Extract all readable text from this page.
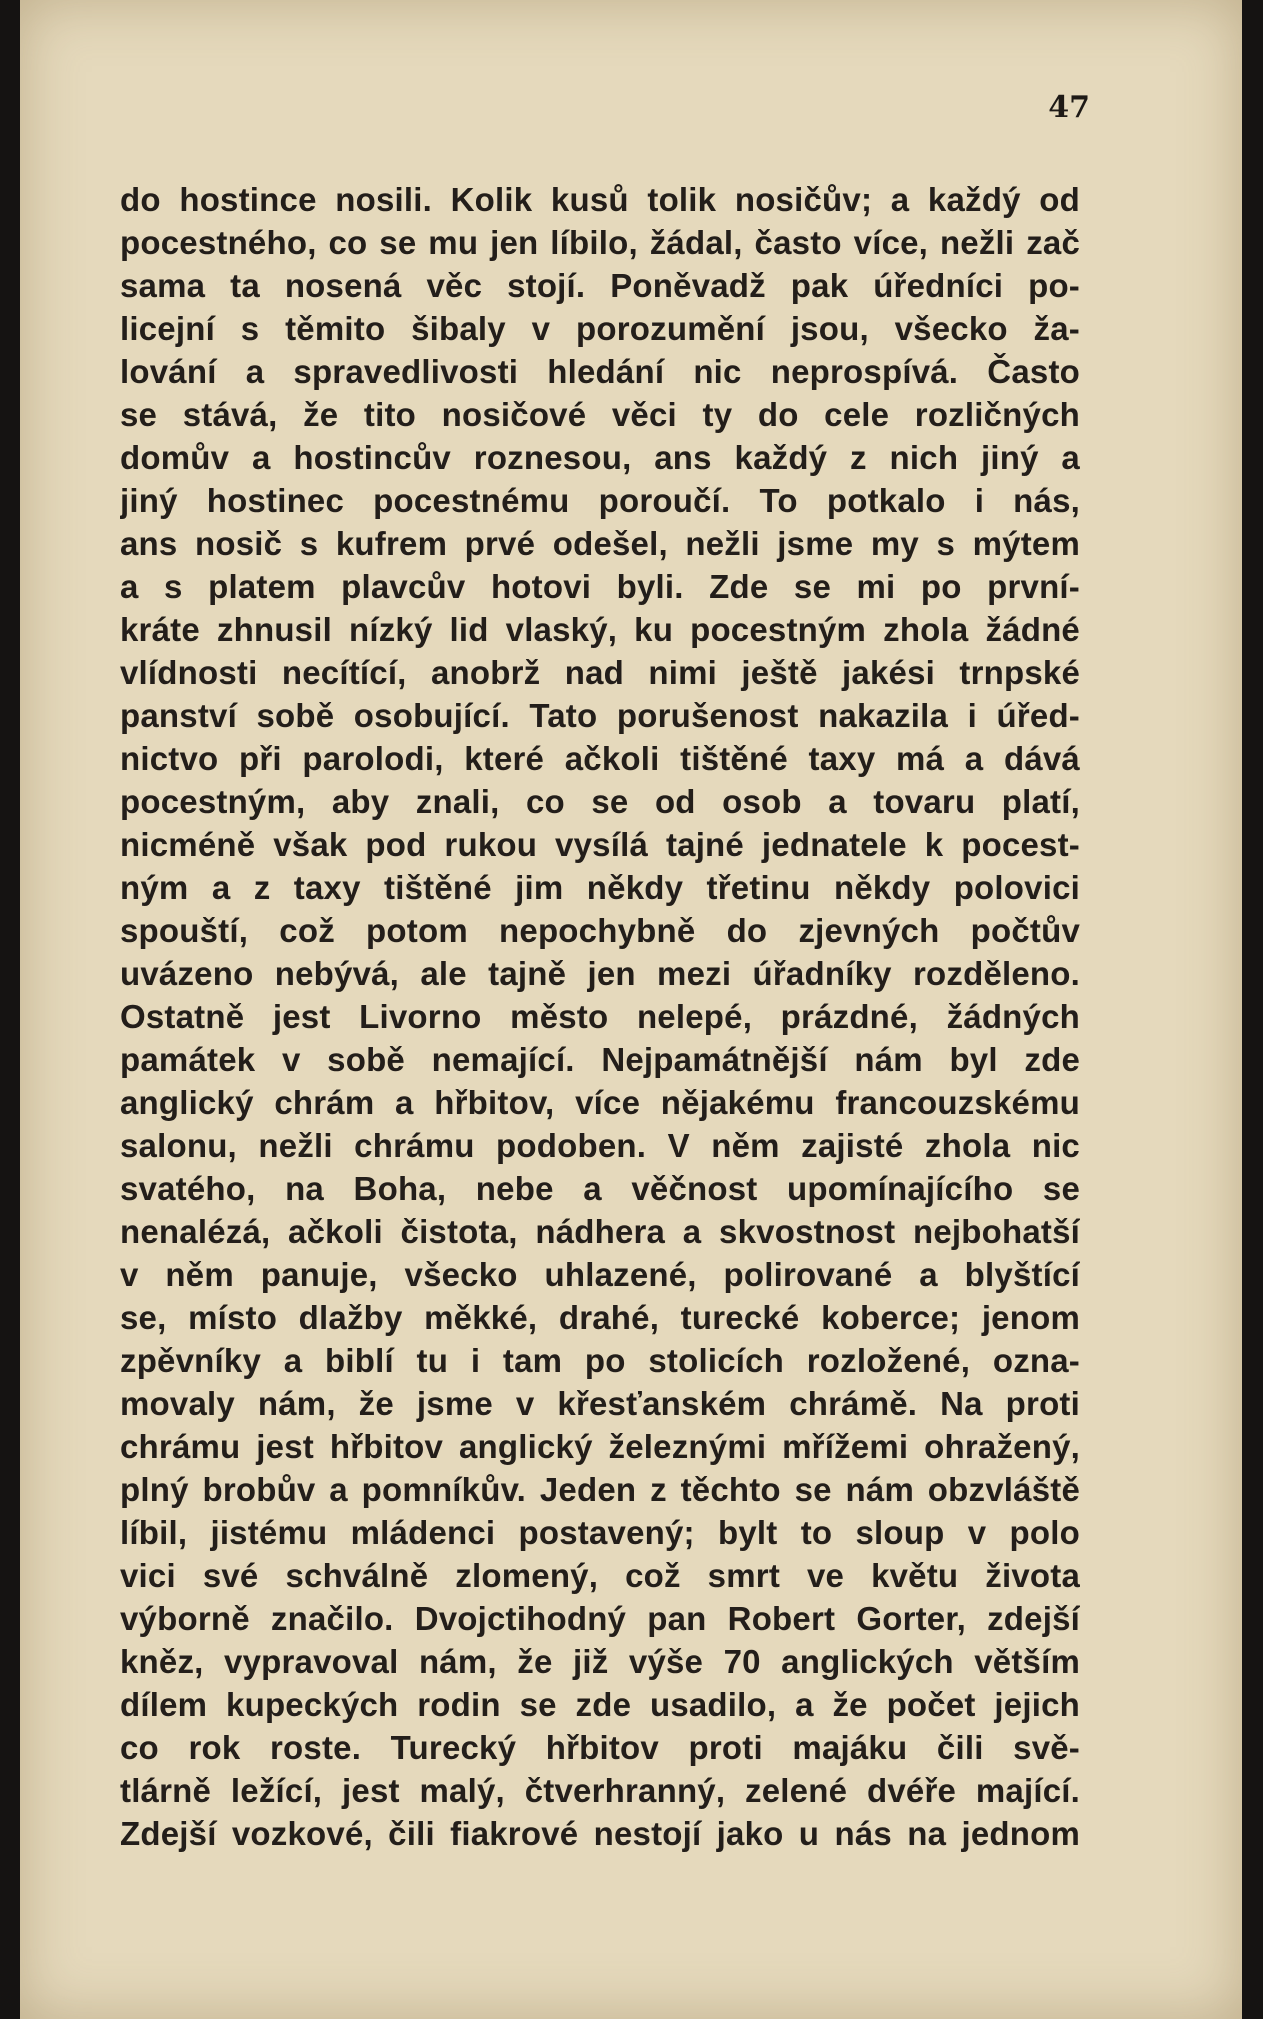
47
do hostince nosili. Kolik kusů tolik nosičův; a každý od
pocestného, co se mu jen líbilo, žádal, často více, nežli zač
sama ta nosená věc stojí. Poněvadž pak úředníci po-
licejní s těmito šibaly v porozumění jsou, všecko ža-
lování a spravedlivosti hledání nic neprospívá. Často
se stává, že tito nosičové věci ty do cele rozličných
domův a hostincův roznesou, ans každý z nich jiný a
jiný hostinec pocestnému poroučí. To potkalo i nás,
ans nosič s kufrem prvé odešel, nežli jsme my s mýtem
a s platem plavcův hotovi byli. Zde se mi po první-
kráte zhnusil nízký lid vlaský, ku pocestným zhola žádné
vlídnosti necítící, anobrž nad nimi ještě jakési trnpské
panství sobě osobující. Tato porušenost nakazila i úřed-
nictvo při parolodi, které ačkoli tištěné taxy má a dává
pocestným, aby znali, co se od osob a tovaru platí,
nicméně však pod rukou vysílá tajné jednatele k pocest-
ným a z taxy tištěné jim někdy třetinu někdy polovici
spouští, což potom nepochybně do zjevných počtův
uvázeno nebývá, ale tajně jen mezi úřadníky rozděleno.
Ostatně jest Livorno město nelepé, prázdné, žádných
památek v sobě nemající. Nejpamátnější nám byl zde
anglický chrám a hřbitov, více nějakému francouzskému
salonu, nežli chrámu podoben. V něm zajisté zhola nic
svatého, na Boha, nebe a věčnost upomínajícího se
nenalézá, ačkoli čistota, nádhera a skvostnost nejbohatší
v něm panuje, všecko uhlazené, polirované a blyštící
se, místo dlažby měkké, drahé, turecké koberce; jenom
zpěvníky a biblí tu i tam po stolicích rozložené, ozna-
movaly nám, že jsme v křesťanském chrámě. Na proti
chrámu jest hřbitov anglický železnými mřížemi ohražený,
plný brobův a pomníkův. Jeden z těchto se nám obzvláště
líbil, jistému mládenci postavený; bylt to sloup v polo
vici své schválně zlomený, což smrt ve květu života
výborně značilo. Dvojctihodný pan Robert Gorter, zdejší
kněz, vypravoval nám, že již výše 70 anglických větším
dílem kupeckých rodin se zde usadilo, a že počet jejich
co rok roste. Turecký hřbitov proti majáku čili svě-
tlárně ležící, jest malý, čtverhranný, zelené dvéře mající.
Zdejší vozkové, čili fiakrové nestojí jako u nás na jednom
